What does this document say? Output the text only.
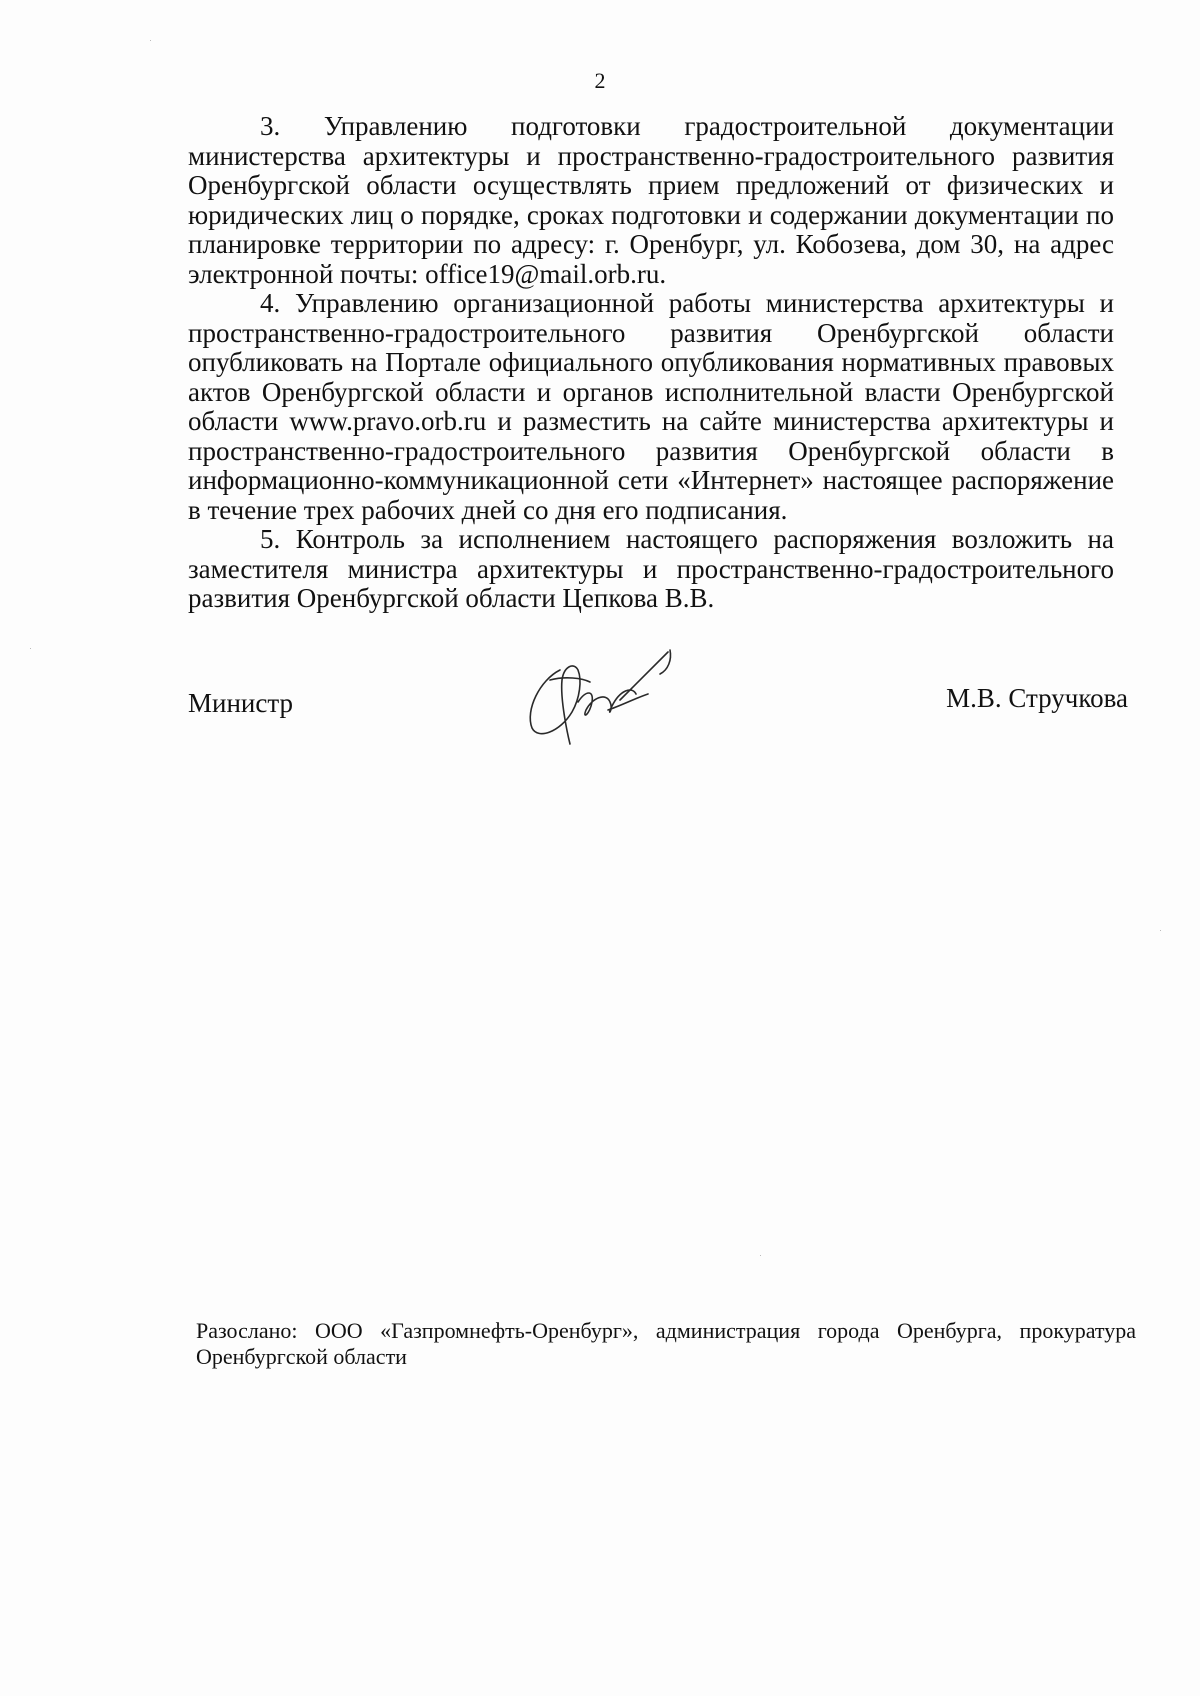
2

3. Управлению подготовки градостроительной документации министерства архитектуры и пространственно-градостроительного развития Оренбургской области осуществлять прием предложений от физических и юридических лиц о порядке, сроках подготовки и содержании документации по планировке территории по адресу: г. Оренбург, ул. Кобозева, дом 30, на адрес электронной почты: office19@mail.orb.ru.

4. Управлению организационной работы министерства архитектуры и пространственно-градостроительного развития Оренбургской области опубликовать на Портале официального опубликования нормативных правовых актов Оренбургской области и органов исполнительной власти Оренбургской области www.pravo.orb.ru и разместить на сайте министерства архитектуры и пространственно-градостроительного развития Оренбургской области в информационно-коммуникационной сети «Интернет» настоящее распоряжение в течение трех рабочих дней со дня его подписания.

5. Контроль за исполнением настоящего распоряжения возложить на заместителя министра архитектуры и пространственно-градостроительного развития Оренбургской области Цепкова В.В.

Министр	М.В. Стручкова
Разослано: ООО «Газпромнефть-Оренбург», администрация города Оренбурга, прокуратура Оренбургской области
